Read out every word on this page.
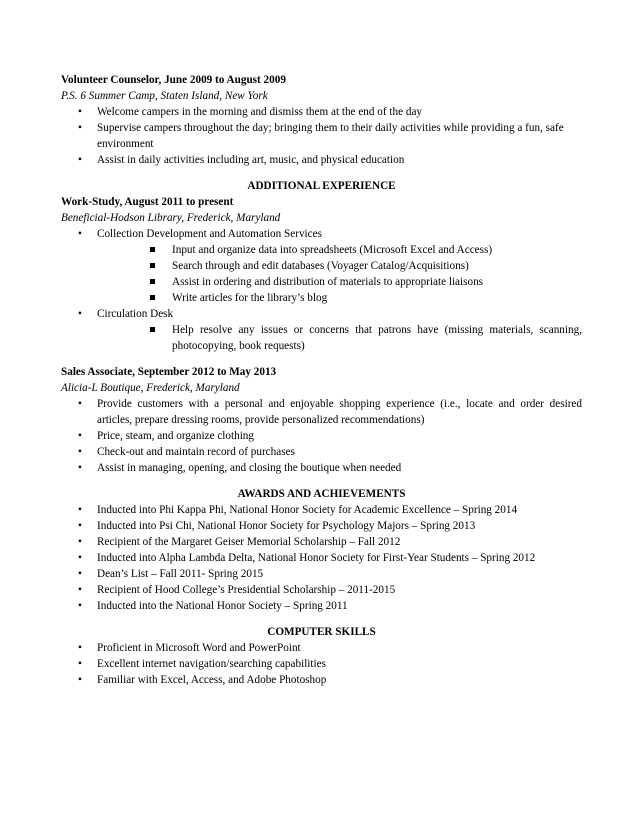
Volunteer Counselor, June 2009 to August 2009
P.S. 6 Summer Camp, Staten Island, New York
• Welcome campers in the morning and dismiss them at the end of the day
• Supervise campers throughout the day; bringing them to their daily activities while providing a fun, safe environment
• Assist in daily activities including art, music, and physical education
ADDITIONAL EXPERIENCE
Work-Study, August 2011 to present
Beneficial-Hodson Library, Frederick, Maryland
• Collection Development and Automation Services
Input and organize data into spreadsheets (Microsoft Excel and Access)
Search through and edit databases (Voyager Catalog/Acquisitions)
Assist in ordering and distribution of materials to appropriate liaisons
Write articles for the library’s blog
• Circulation Desk
Help resolve any issues or concerns that patrons have (missing materials, scanning, photocopying, book requests)
Sales Associate, September 2012 to May 2013
Alicia-L Boutique, Frederick, Maryland
• Provide customers with a personal and enjoyable shopping experience (i.e., locate and order desired articles, prepare dressing rooms, provide personalized recommendations)
• Price, steam, and organize clothing
• Check-out and maintain record of purchases
• Assist in managing, opening, and closing the boutique when needed
AWARDS AND ACHIEVEMENTS
• Inducted into Phi Kappa Phi, National Honor Society for Academic Excellence – Spring 2014
• Inducted into Psi Chi, National Honor Society for Psychology Majors – Spring 2013
• Recipient of the Margaret Geiser Memorial Scholarship – Fall 2012
• Inducted into Alpha Lambda Delta, National Honor Society for First-Year Students – Spring 2012
• Dean’s List – Fall 2011- Spring 2015
• Recipient of Hood College’s Presidential Scholarship – 2011-2015
• Inducted into the National Honor Society – Spring 2011
COMPUTER SKILLS
• Proficient in Microsoft Word and PowerPoint
• Excellent internet navigation/searching capabilities
• Familiar with Excel, Access, and Adobe Photoshop
